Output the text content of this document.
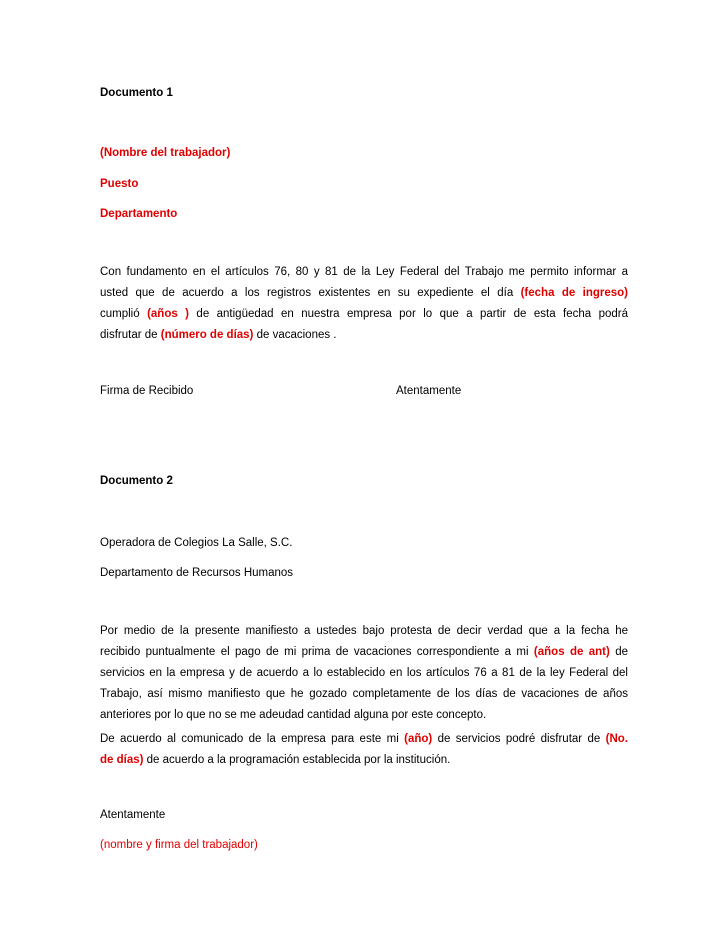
Documento 1
(Nombre del trabajador)
Puesto
Departamento
Con fundamento en el artículos 76, 80 y 81 de la Ley Federal del Trabajo me permito informar a
usted que de acuerdo a los registros existentes en su expediente el día (fecha de ingreso)
cumplió (años ) de antigüedad en nuestra empresa por lo que a partir de esta fecha podrá
disfrutar de (número de días) de vacaciones .
Firma de Recibido	Atentamente
Documento 2
Operadora de Colegios La Salle, S.C.
Departamento de Recursos Humanos
Por medio de la presente manifiesto a ustedes bajo protesta de decir verdad que a la fecha he
recibido puntualmente el pago de mi prima de vacaciones correspondiente a mi (años de ant) de
servicios en la empresa y de acuerdo a lo establecido en los artículos 76 a 81 de la ley Federal del
Trabajo, así mismo manifiesto que he gozado completamente de los días de vacaciones de años
anteriores por lo que no se me adeudad cantidad alguna por este concepto.
De acuerdo al comunicado de la empresa para este mi (año) de servicios podré disfrutar de (No.
de días) de acuerdo a la programación establecida por la institución.
Atentamente
(nombre y firma del trabajador)
